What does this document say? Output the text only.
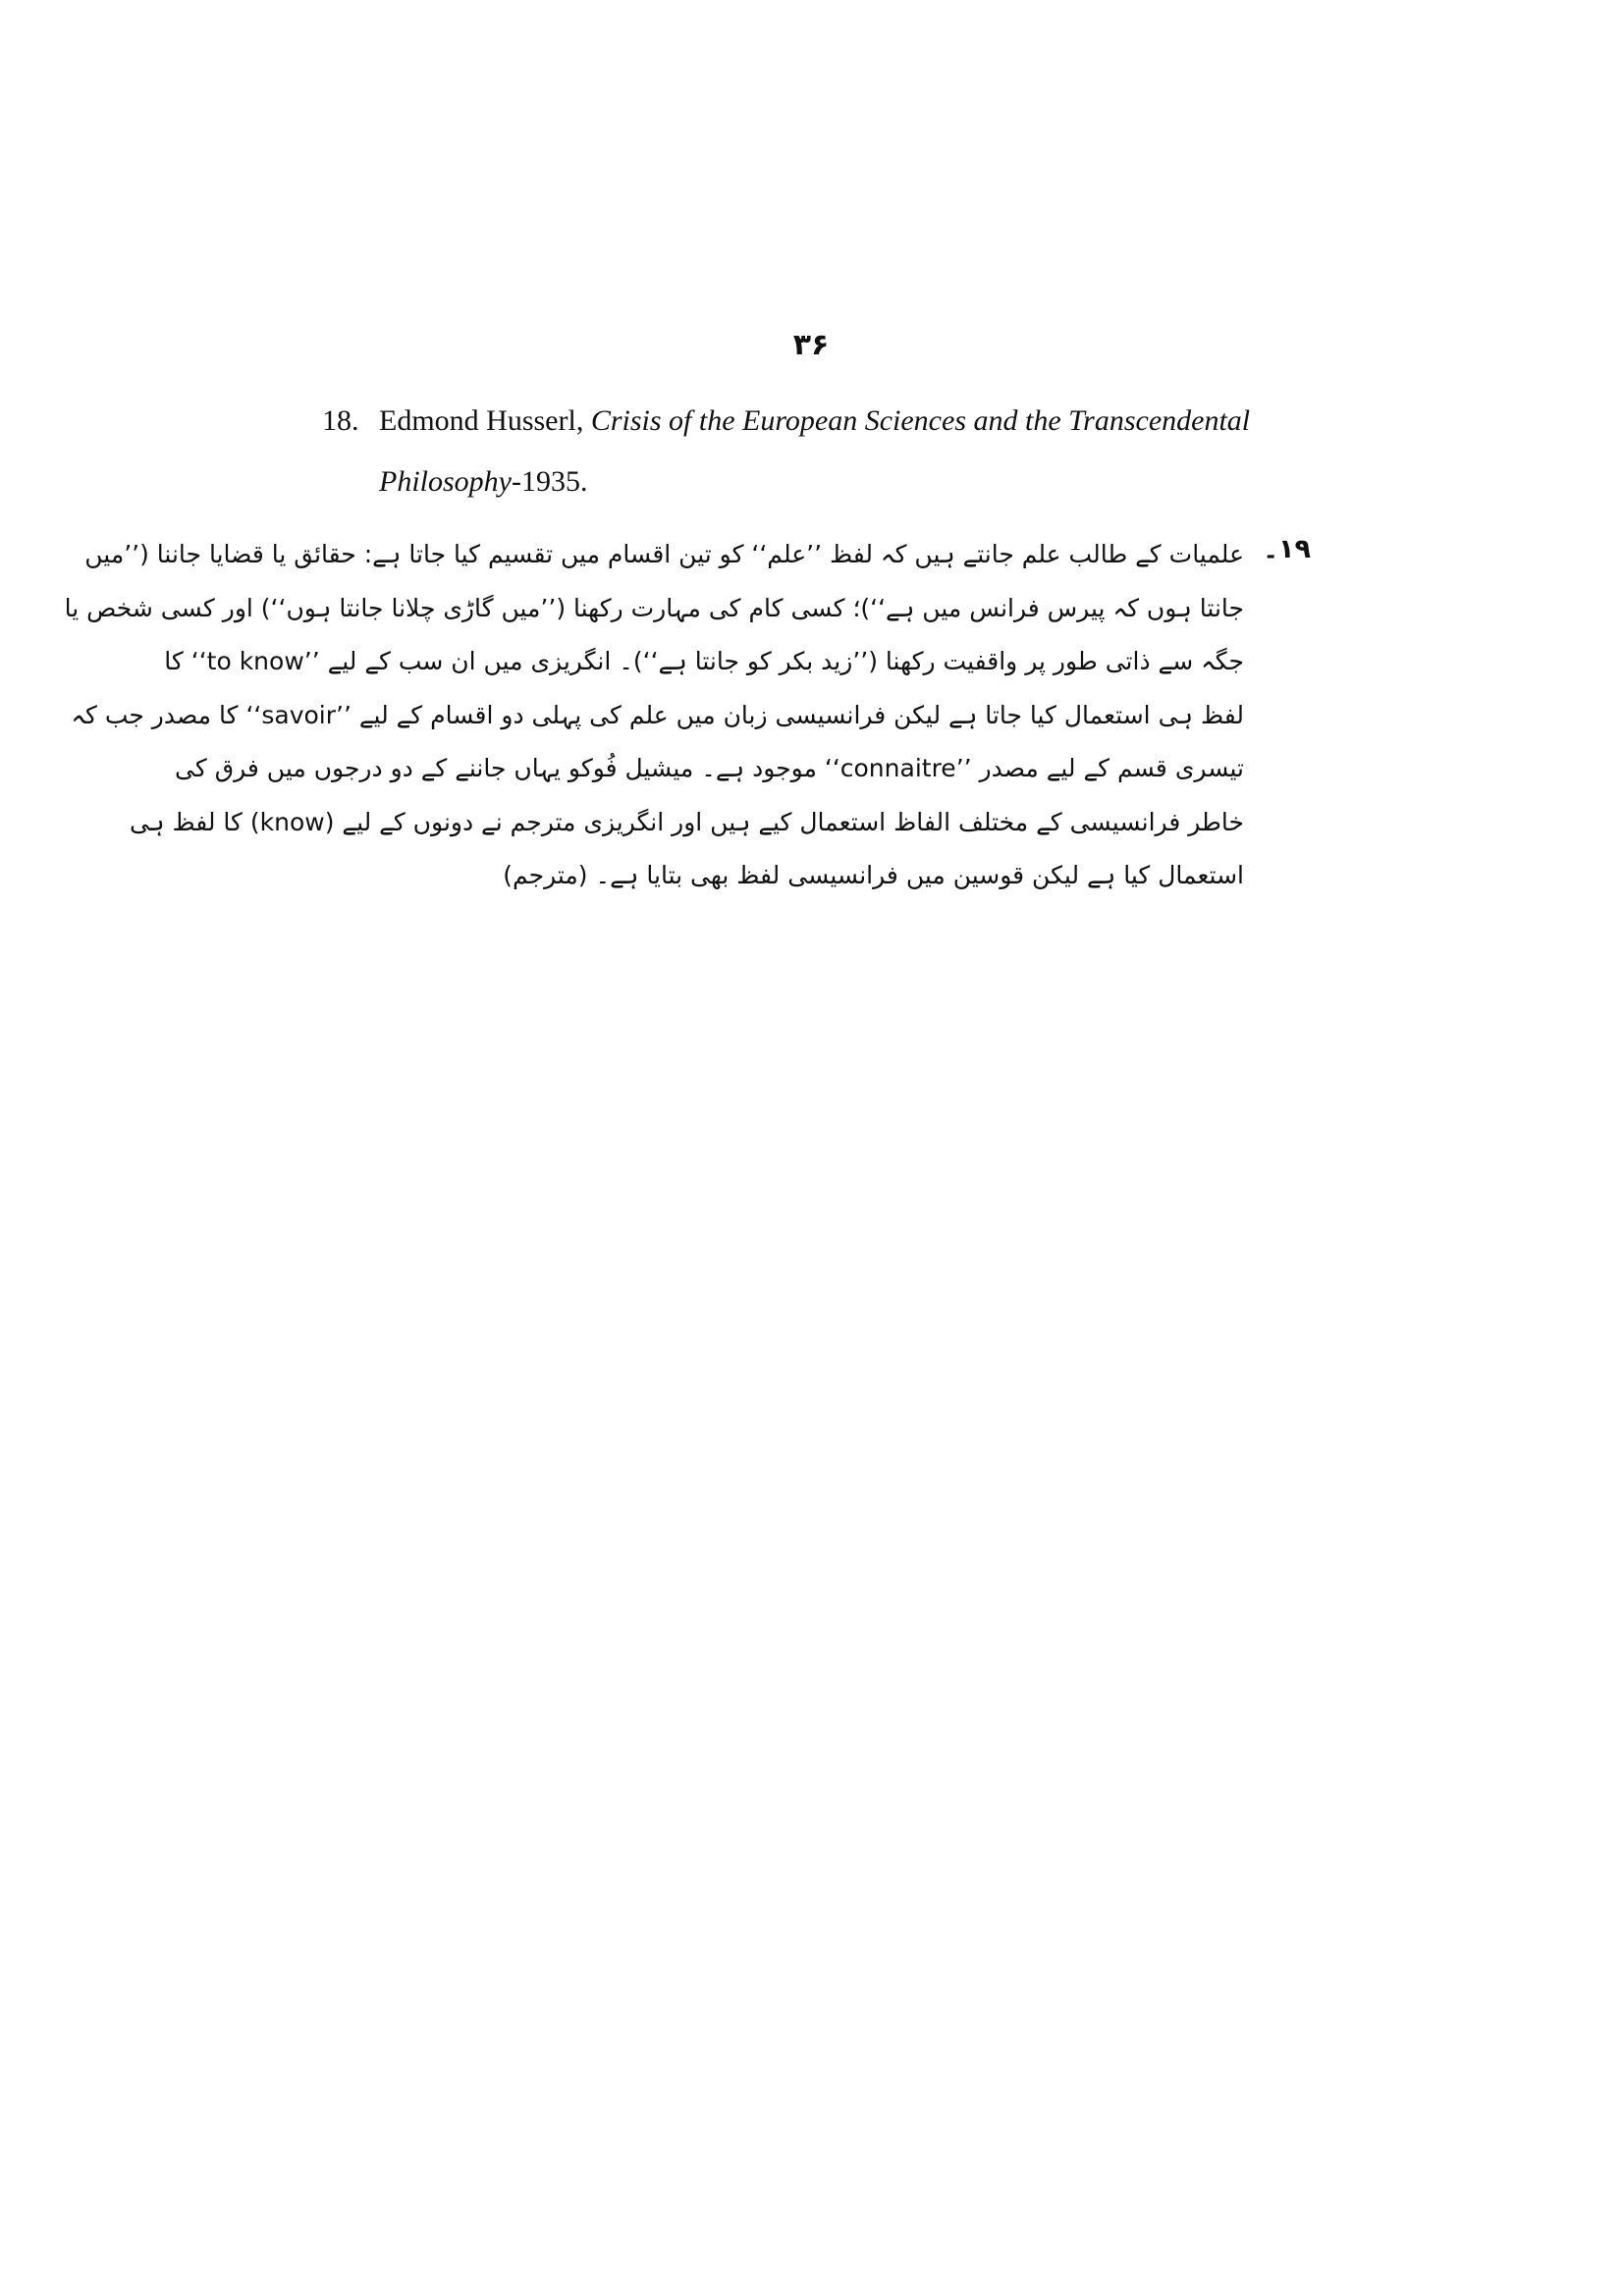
۳۶
18. Edmond Husserl, Crisis of the European Sciences and the Transcendental
Philosophy-1935.
۱۹۔
علمیات کے طالب علم جانتے ہیں کہ لفظ ’’علم‘‘ کو تین اقسام میں تقسیم کیا جاتا ہے: حقائق یا قضایا جاننا (’’میں
جانتا ہوں کہ پیرس فرانس میں ہے‘‘)؛ کسی کام کی مہارت رکھنا (’’میں گاڑی چلانا جانتا ہوں‘‘) اور کسی شخص یا
جگہ سے ذاتی طور پر واقفیت رکھنا (’’زید بکر کو جانتا ہے‘‘)۔ انگریزی میں ان سب کے لیے ’’to know‘‘ کا
لفظ ہی استعمال کیا جاتا ہے لیکن فرانسیسی زبان میں علم کی پہلی دو اقسام کے لیے ’’savoir‘‘ کا مصدر جب کہ
تیسری قسم کے لیے مصدر ’’connaitre‘‘ موجود ہے۔ میشیل فُوکو یہاں جاننے کے دو درجوں میں فرق کی
خاطر فرانسیسی کے مختلف الفاظ استعمال کیے ہیں اور انگریزی مترجم نے دونوں کے لیے (know) کا لفظ ہی
استعمال کیا ہے لیکن قوسین میں فرانسیسی لفظ بھی بتایا ہے۔ (مترجم)
